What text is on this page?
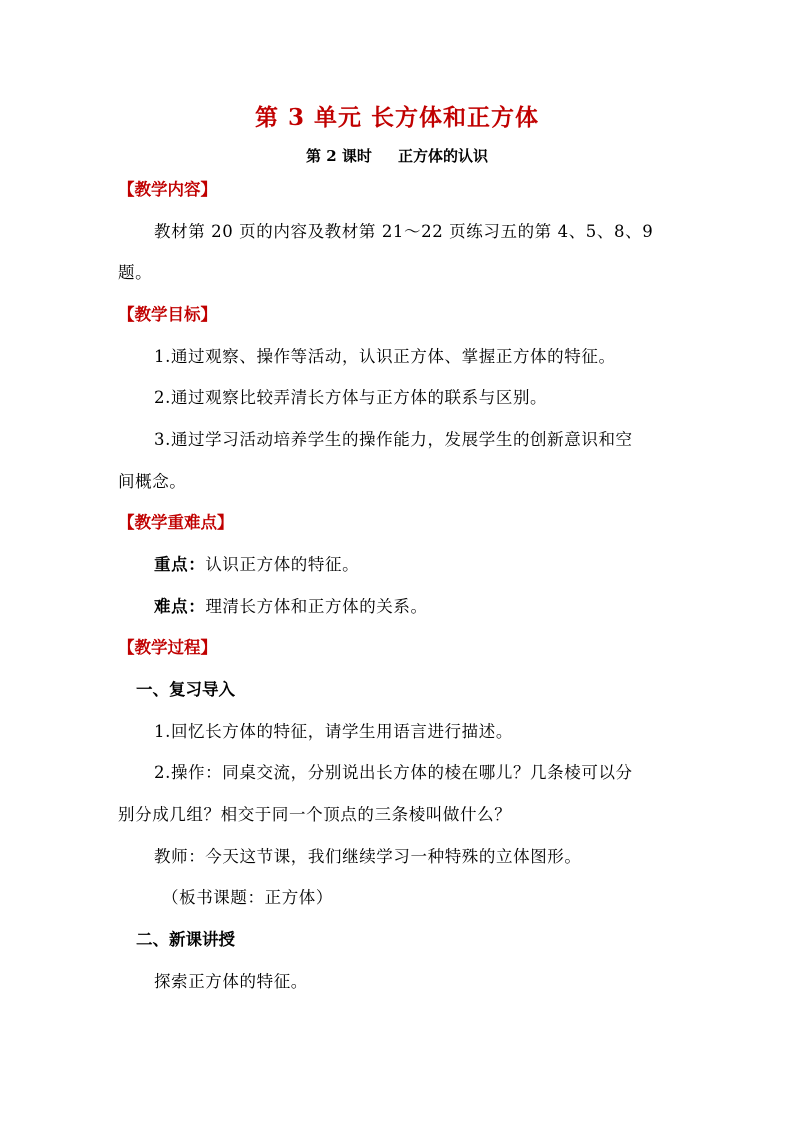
第 3 单元 长方体和正方体
第 2 课时 正方体的认识
【教学内容】
教材第 20 页的内容及教材第 21～22 页练习五的第 4、5、8、9
题。
【教学目标】
1.通过观察、操作等活动，认识正方体、掌握正方体的特征。
2.通过观察比较弄清长方体与正方体的联系与区别。
3.通过学习活动培养学生的操作能力，发展学生的创新意识和空
间概念。
【教学重难点】
重点：认识正方体的特征。
难点：理清长方体和正方体的关系。
【教学过程】
一、复习导入
1.回忆长方体的特征，请学生用语言进行描述。
2.操作：同桌交流，分别说出长方体的棱在哪儿？几条棱可以分
别分成几组？相交于同一个顶点的三条棱叫做什么？
教师：今天这节课，我们继续学习一种特殊的立体图形。
（板书课题：正方体）
二、新课讲授
探索正方体的特征。
